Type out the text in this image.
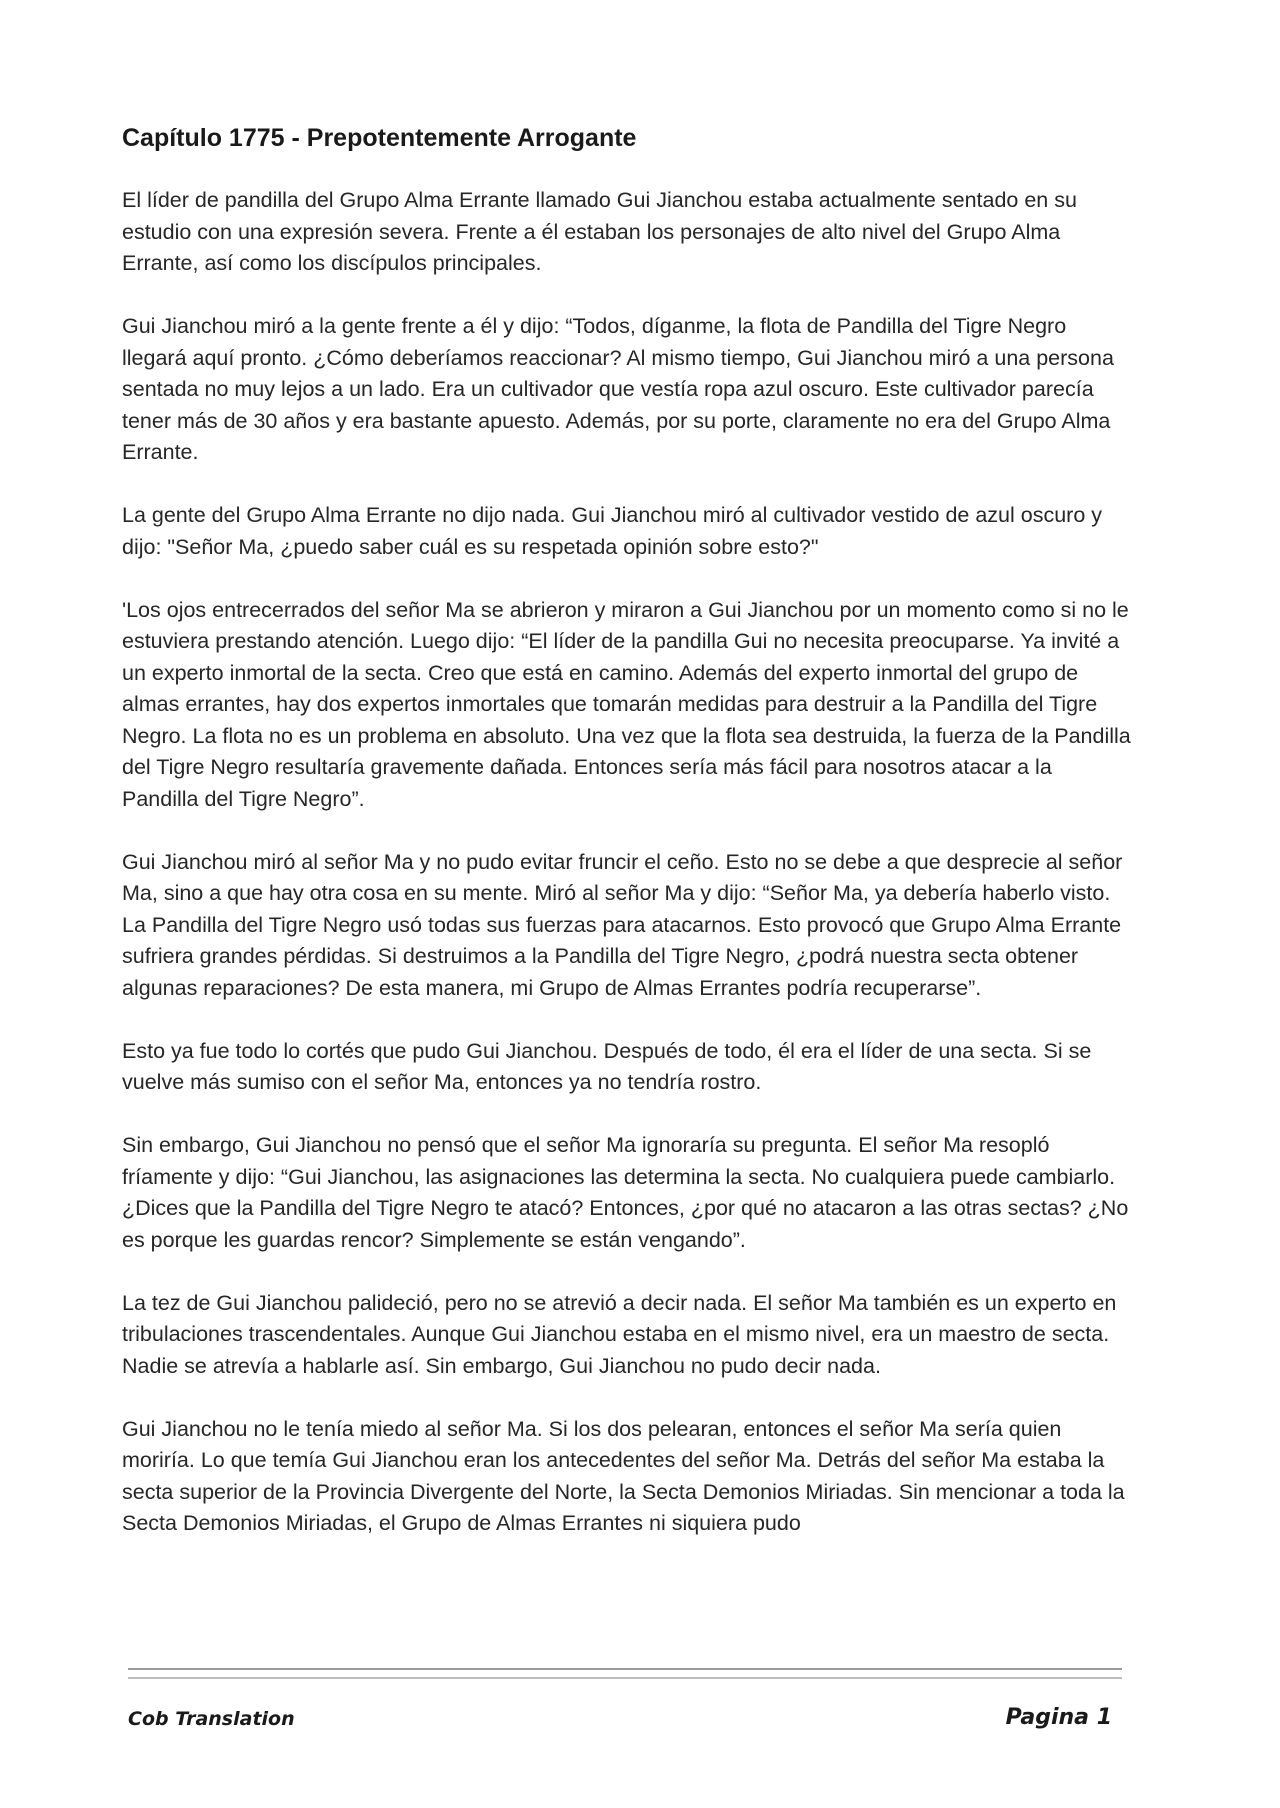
Capítulo 1775 - Prepotentemente Arrogante

El líder de pandilla del Grupo Alma Errante llamado Gui Jianchou estaba actualmente sentado en su estudio con una expresión severa. Frente a él estaban los personajes de alto nivel del Grupo Alma Errante, así como los discípulos principales.

Gui Jianchou miró a la gente frente a él y dijo: “Todos, díganme, la flota de Pandilla del Tigre Negro llegará aquí pronto. ¿Cómo deberíamos reaccionar? Al mismo tiempo, Gui Jianchou miró a una persona sentada no muy lejos a un lado. Era un cultivador que vestía ropa azul oscuro. Este cultivador parecía tener más de 30 años y era bastante apuesto. Además, por su porte, claramente no era del Grupo Alma Errante.

La gente del Grupo Alma Errante no dijo nada. Gui Jianchou miró al cultivador vestido de azul oscuro y dijo: "Señor Ma, ¿puedo saber cuál es su respetada opinión sobre esto?"

'Los ojos entrecerrados del señor Ma se abrieron y miraron a Gui Jianchou por un momento como si no le estuviera prestando atención. Luego dijo: “El líder de la pandilla Gui no necesita preocuparse. Ya invité a un experto inmortal de la secta. Creo que está en camino. Además del experto inmortal del grupo de almas errantes, hay dos expertos inmortales que tomarán medidas para destruir a la Pandilla del Tigre Negro. La flota no es un problema en absoluto. Una vez que la flota sea destruida, la fuerza de la Pandilla del Tigre Negro resultaría gravemente dañada. Entonces sería más fácil para nosotros atacar a la Pandilla del Tigre Negro”.

Gui Jianchou miró al señor Ma y no pudo evitar fruncir el ceño. Esto no se debe a que desprecie al señor Ma, sino a que hay otra cosa en su mente. Miró al señor Ma y dijo: “Señor Ma, ya debería haberlo visto. La Pandilla del Tigre Negro usó todas sus fuerzas para atacarnos. Esto provocó que Grupo Alma Errante sufriera grandes pérdidas. Si destruimos a la Pandilla del Tigre Negro, ¿podrá nuestra secta obtener algunas reparaciones? De esta manera, mi Grupo de Almas Errantes podría recuperarse”.

Esto ya fue todo lo cortés que pudo Gui Jianchou. Después de todo, él era el líder de una secta. Si se vuelve más sumiso con el señor Ma, entonces ya no tendría rostro.

Sin embargo, Gui Jianchou no pensó que el señor Ma ignoraría su pregunta. El señor Ma resopló fríamente y dijo: “Gui Jianchou, las asignaciones las determina la secta. No cualquiera puede cambiarlo. ¿Dices que la Pandilla del Tigre Negro te atacó? Entonces, ¿por qué no atacaron a las otras sectas? ¿No es porque les guardas rencor? Simplemente se están vengando”.

La tez de Gui Jianchou palideció, pero no se atrevió a decir nada. El señor Ma también es un experto en tribulaciones trascendentales. Aunque Gui Jianchou estaba en el mismo nivel, era un maestro de secta. Nadie se atrevía a hablarle así. Sin embargo, Gui Jianchou no pudo decir nada.

Gui Jianchou no le tenía miedo al señor Ma. Si los dos pelearan, entonces el señor Ma sería quien moriría. Lo que temía Gui Jianchou eran los antecedentes del señor Ma. Detrás del señor Ma estaba la secta superior de la Provincia Divergente del Norte, la Secta Demonios Miriadas. Sin mencionar a toda la Secta Demonios Miriadas, el Grupo de Almas Errantes ni siquiera pudo

Cob Translation	Pagina 1
